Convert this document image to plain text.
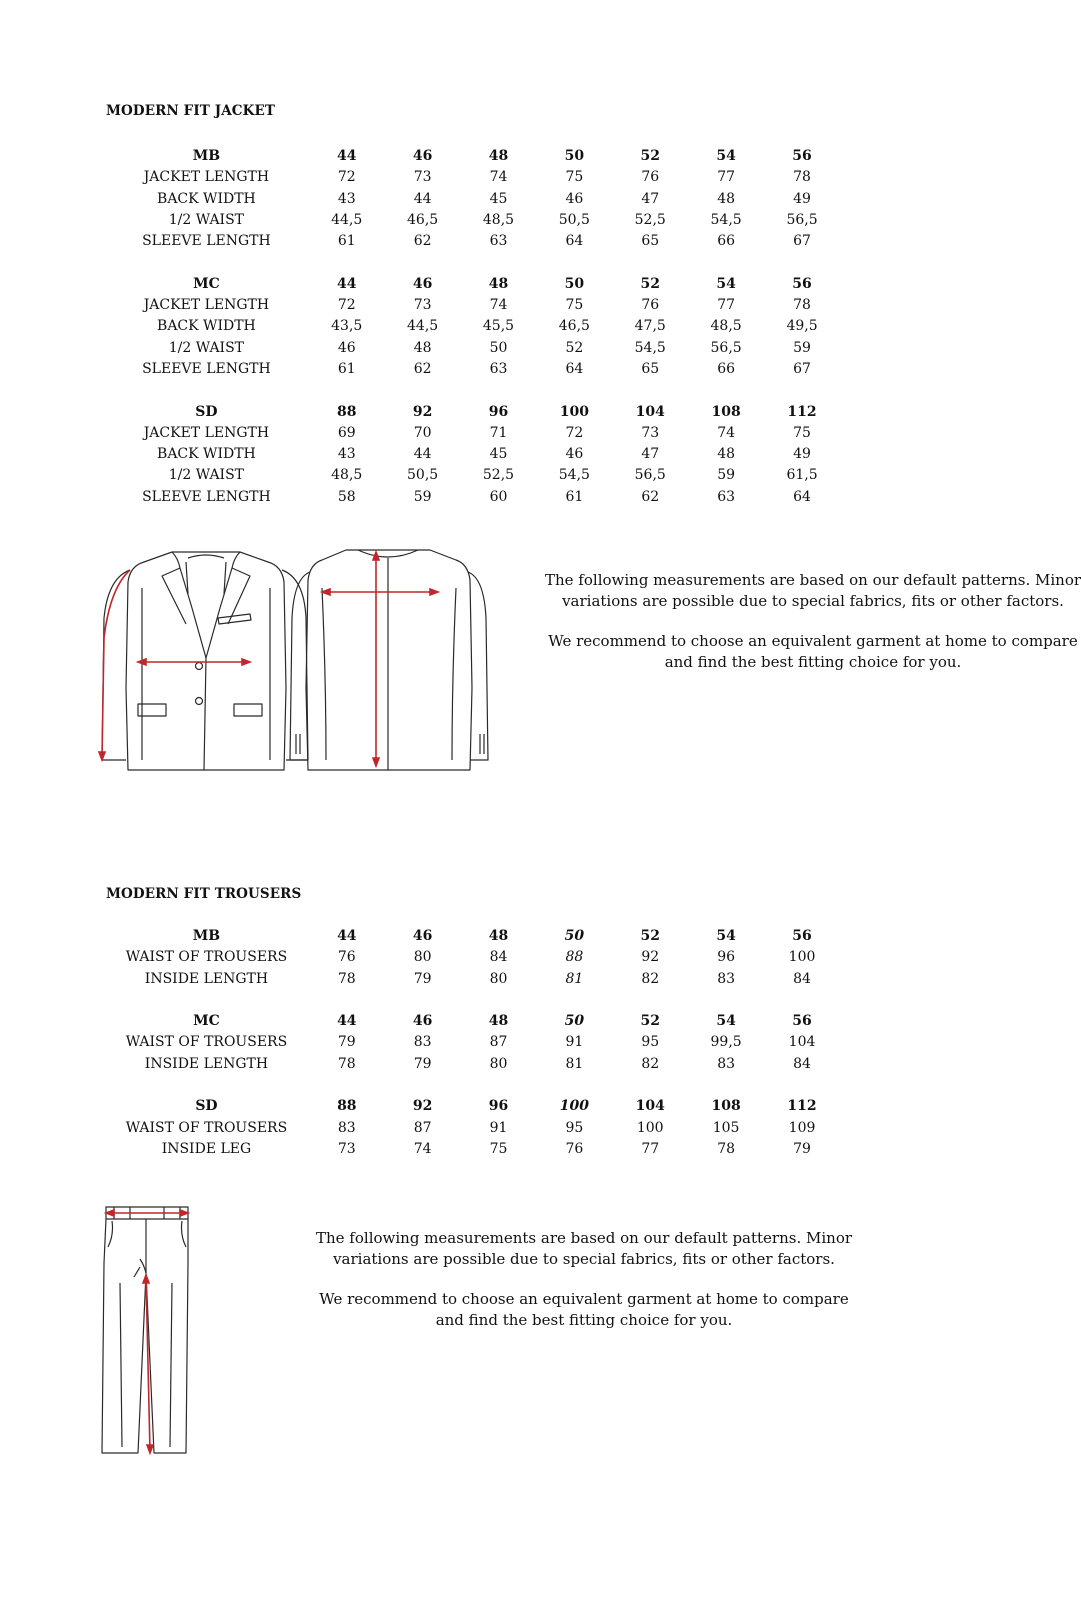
MODERN FIT JACKET
MB	44	46	48	50	52	54	56
JACKET LENGTH	72	73	74	75	76	77	78
BACK WIDTH	43	44	45	46	47	48	49
1/2 WAIST	44,5	46,5	48,5	50,5	52,5	54,5	56,5
SLEEVE LENGTH	61	62	63	64	65	66	67

MC	44	46	48	50	52	54	56
JACKET LENGTH	72	73	74	75	76	77	78
BACK WIDTH	43,5	44,5	45,5	46,5	47,5	48,5	49,5
1/2 WAIST	46	48	50	52	54,5	56,5	59
SLEEVE LENGTH	61	62	63	64	65	66	67

SD	88	92	96	100	104	108	112
JACKET LENGTH	69	70	71	72	73	74	75
BACK WIDTH	43	44	45	46	47	48	49
1/2 WAIST	48,5	50,5	52,5	54,5	56,5	59	61,5
SLEEVE LENGTH	58	59	60	61	62	63	64

The following measurements are based on our default patterns. Minor
variations are possible due to special fabrics, fits or other factors.
We recommend to choose an equivalent garment at home to compare
and find the best fitting choice for you.

MODERN FIT TROUSERS
MB	44	46	48	50	52	54	56
WAIST OF TROUSERS	76	80	84	88	92	96	100
INSIDE LENGTH	78	79	80	81	82	83	84

MC	44	46	48	50	52	54	56
WAIST OF TROUSERS	79	83	87	91	95	99,5	104
INSIDE LENGTH	78	79	80	81	82	83	84

SD	88	92	96	100	104	108	112
WAIST OF TROUSERS	83	87	91	95	100	105	109
INSIDE LEG	73	74	75	76	77	78	79

The following measurements are based on our default patterns. Minor
variations are possible due to special fabrics, fits or other factors.
We recommend to choose an equivalent garment at home to compare
and find the best fitting choice for you.
